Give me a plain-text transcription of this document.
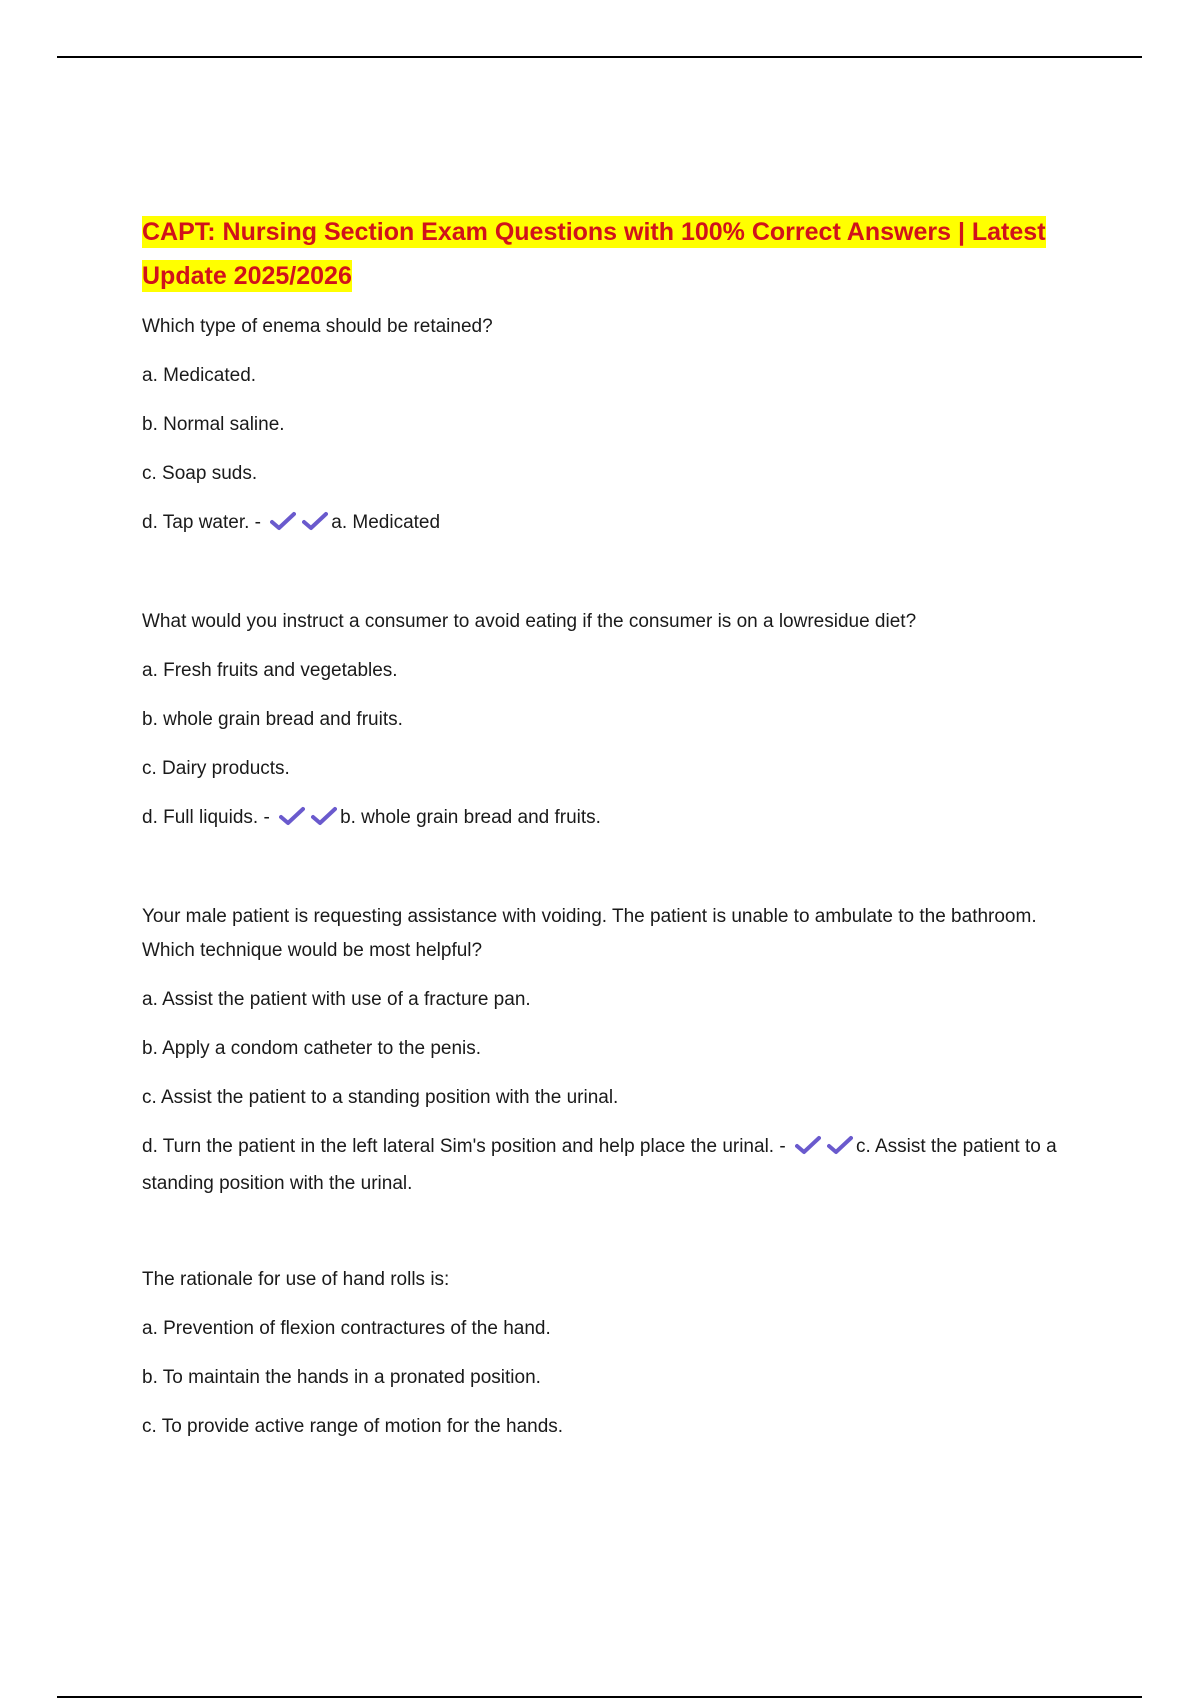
CAPT: Nursing Section Exam Questions with 100% Correct Answers | Latest Update 2025/2026
Which type of enema should be retained?
a. Medicated.
b. Normal saline.
c. Soap suds.
d. Tap water. -	a. Medicated
What would you instruct a consumer to avoid eating if the consumer is on a lowresidue diet?
a. Fresh fruits and vegetables.
b. whole grain bread and fruits.
c. Dairy products.
d. Full liquids. -	b. whole grain bread and fruits.
Your male patient is requesting assistance with voiding. The patient is unable to ambulate to the bathroom. Which technique would be most helpful?
a. Assist the patient with use of a fracture pan.
b. Apply a condom catheter to the penis.
c. Assist the patient to a standing position with the urinal.
d. Turn the patient in the left lateral Sim's position and help place the urinal. -	c. Assist the patient to a standing position with the urinal.
The rationale for use of hand rolls is:
a. Prevention of flexion contractures of the hand.
b. To maintain the hands in a pronated position.
c. To provide active range of motion for the hands.
